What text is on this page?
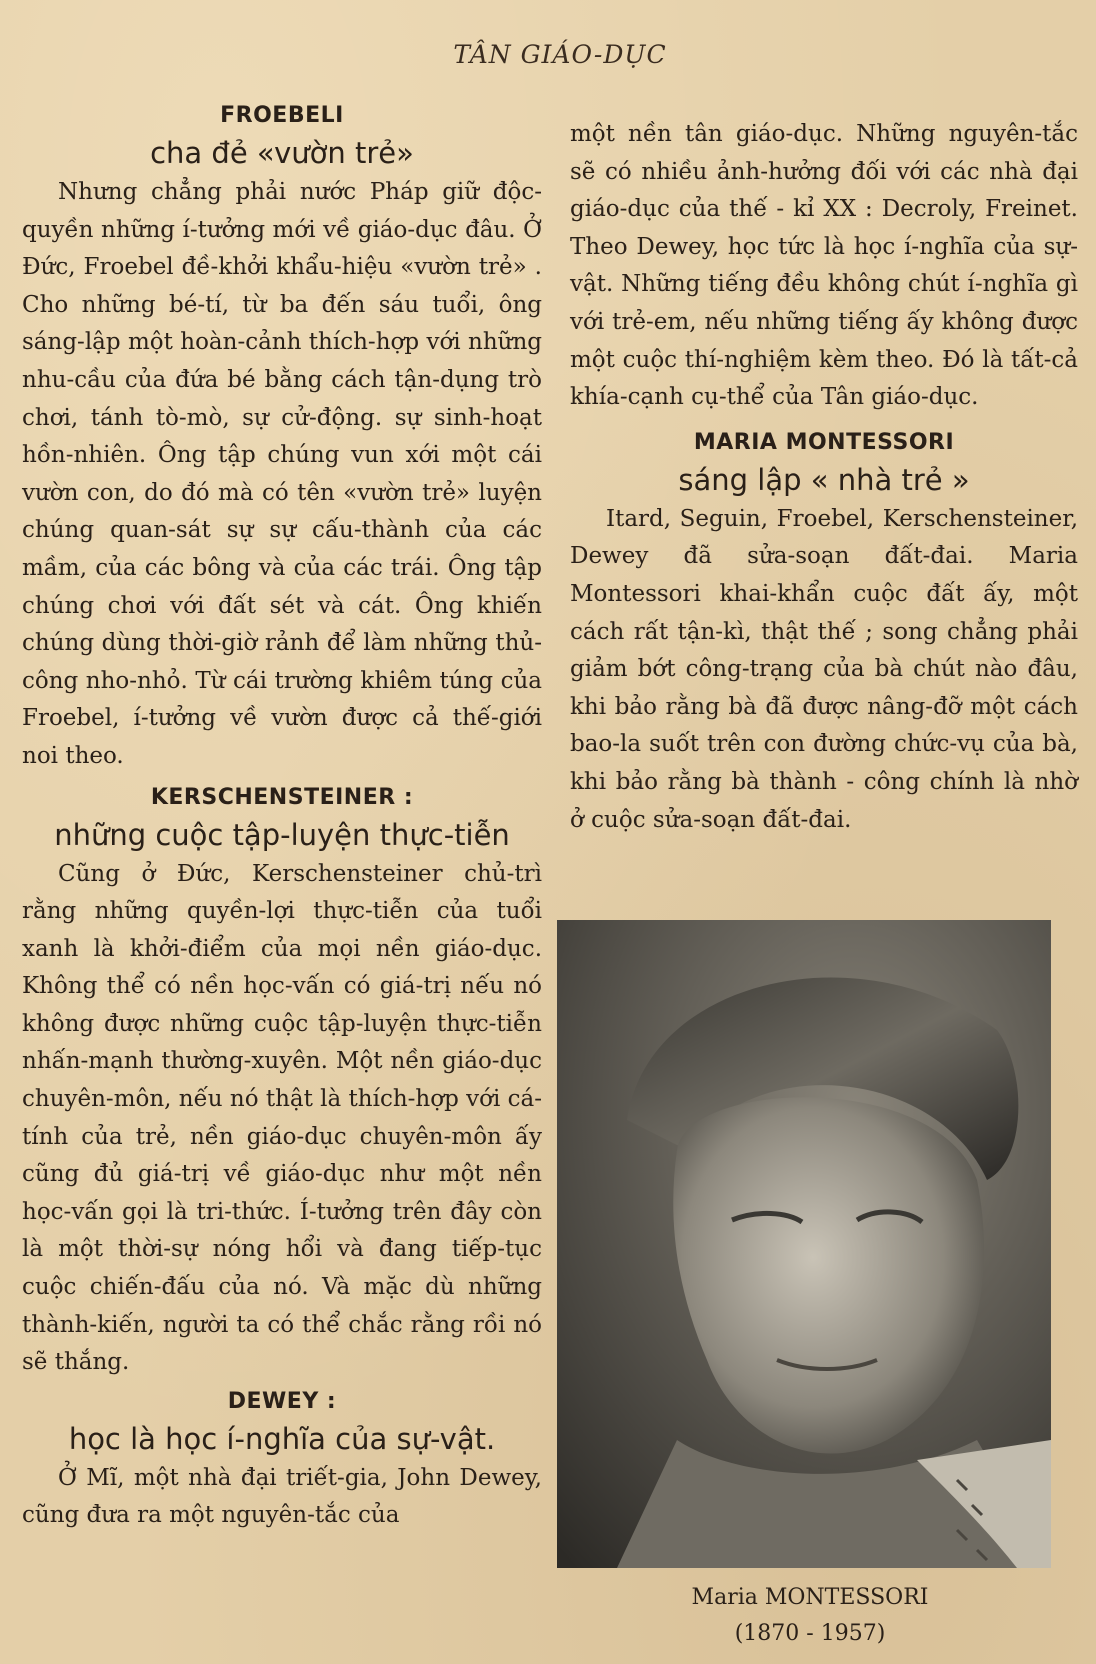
TÂN GIÁO-DỤC

FROEBELI

cha đẻ «vườn trẻ»

Nhưng chẳng phải nước Pháp giữ độc-quyền những í-tưởng mới về giáo-dục đâu. Ở Đức, Froebel đề-khởi khẩu-hiệu «vườn trẻ» . Cho những bé-tí, từ ba đến sáu tuổi, ông sáng-lập một hoàn-cảnh thích-hợp với những nhu-cầu của đứa bé bằng cách tận-dụng trò chơi, tánh tò-mò, sự cử-động. sự sinh-hoạt hồn-nhiên. Ông tập chúng vun xới một cái vườn con, do đó mà có tên «vườn trẻ» luyện chúng quan-sát sự sự cấu-thành của các mầm, của các bông và của các trái. Ông tập chúng chơi với đất sét và cát. Ông khiến chúng dùng thời-giờ rảnh để làm những thủ-công nho-nhỏ. Từ cái trường khiêm túng của Froebel, í-tưởng về vườn được cả thế-giới noi theo.

KERSCHENSTEINER :

những cuộc tập-luyện thực-tiễn

Cũng ở Đức, Kerschensteiner chủ-trì rằng những quyền-lợi thực-tiễn của tuổi xanh là khởi-điểm của mọi nền giáo-dục. Không thể có nền học-vấn có giá-trị nếu nó không được những cuộc tập-luyện thực-tiễn nhấn-mạnh thường-xuyên. Một nền giáo-dục chuyên-môn, nếu nó thật là thích-hợp với cá-tính của trẻ, nền giáo-dục chuyên-môn ấy cũng đủ giá-trị về giáo-dục như một nền học-vấn gọi là tri-thức. Í-tưởng trên đây còn là một thời-sự nóng hổi và đang tiếp-tục cuộc chiến-đấu của nó. Và mặc dù những thành-kiến, người ta có thể chắc rằng rồi nó sẽ thắng.

DEWEY :

học là học í-nghĩa của sự-vật.

Ở Mĩ, một nhà đại triết-gia, John Dewey, cũng đưa ra một nguyên-tắc của

một nền tân giáo-dục. Những nguyên-tắc sẽ có nhiều ảnh-hưởng đối với các nhà đại giáo-dục của thế - kỉ XX : Decroly, Freinet. Theo Dewey, học tức là học í-nghĩa của sự-vật. Những tiếng đều không chút í-nghĩa gì với trẻ-em, nếu những tiếng ấy không được một cuộc thí-nghiệm kèm theo. Đó là tất-cả khía-cạnh cụ-thể của Tân giáo-dục.

MARIA MONTESSORI

sáng lập « nhà trẻ »

Itard, Seguin, Froebel, Kerschensteiner, Dewey đã sửa-soạn đất-đai. Maria Montessori khai-khẩn cuộc đất ấy, một cách rất tận-kì, thật thế ; song chẳng phải giảm bớt công-trạng của bà chút nào đâu, khi bảo rằng bà đã được nâng-đỡ một cách bao-la suốt trên con đường chức-vụ của bà, khi bảo rằng bà thành - công chính là nhờ ở cuộc sửa-soạn đất-đai.

Maria MONTESSORI
(1870 - 1957)
